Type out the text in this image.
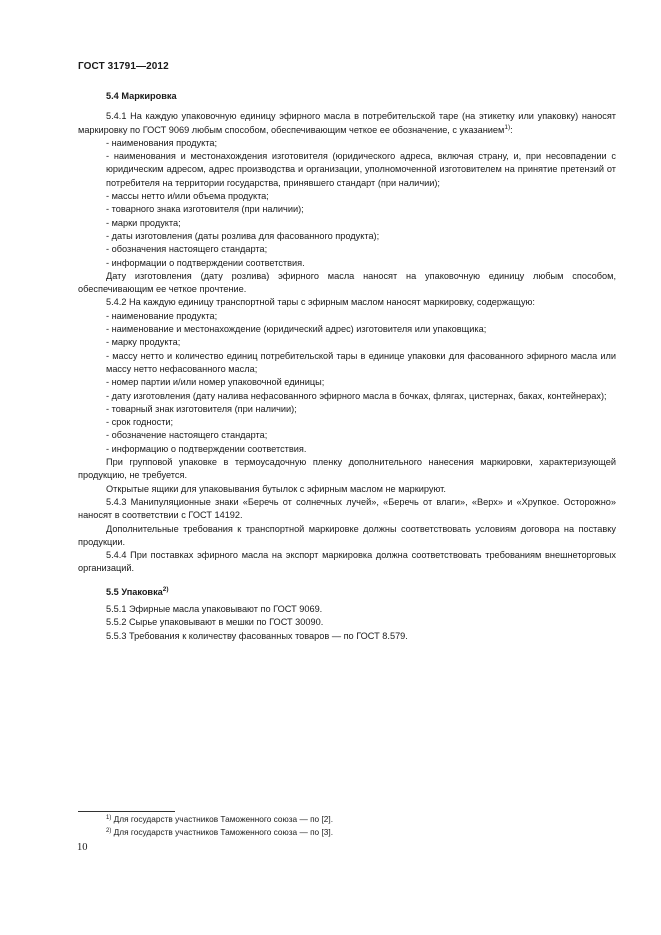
ГОСТ 31791—2012

5.4 Маркировка

5.4.1 На каждую упаковочную единицу эфирного масла в потребительской таре (на этикетку или упаковку) наносят маркировку по ГОСТ 9069 любым способом, обеспечивающим четкое ее обозначение, с указанием$^{1)}$:

- наименования продукта;

- наименования и местонахождения изготовителя (юридического адреса, включая страну, и, при несовпадении с юридическим адресом, адрес производства и организации, уполномоченной изготовителем на принятие претензий от потребителя на территории государства, принявшего стандарт (при наличии);

- массы нетто и/или объема продукта;

- товарного знака изготовителя (при наличии);

- марки продукта;

- даты изготовления (даты розлива для фасованного продукта);

- обозначения настоящего стандарта;

- информации о подтверждении соответствия.

Дату изготовления (дату розлива) эфирного масла наносят на упаковочную единицу любым способом, обеспечивающим ее четкое прочтение.

5.4.2 На каждую единицу транспортной тары с эфирным маслом наносят маркировку, содержащую:

- наименование продукта;

- наименование и местонахождение (юридический адрес) изготовителя или упаковщика;

- марку продукта;

- массу нетто и количество единиц потребительской тары в единице упаковки для фасованного эфирного масла или массу нетто нефасованного масла;

- номер партии и/или номер упаковочной единицы;

- дату изготовления (дату налива нефасованного эфирного масла в бочках, флягах, цистернах, баках, контейнерах);

- товарный знак изготовителя (при наличии);

- срок годности;

- обозначение настоящего стандарта;

- информацию о подтверждении соответствия.

При групповой упаковке в термоусадочную пленку дополнительного нанесения маркировки, характеризующей продукцию, не требуется.

Открытые ящики для упаковывания бутылок с эфирным маслом не маркируют.

5.4.3 Манипуляционные знаки «Беречь от солнечных лучей», «Беречь от влаги», «Верх» и «Хрупкое. Осторожно» наносят в соответствии с ГОСТ 14192.

Дополнительные требования к транспортной маркировке должны соответствовать условиям договора на поставку продукции.

5.4.4 При поставках эфирного масла на экспорт маркировка должна соответствовать требованиям внешнеторговых организаций.

5.5 Упаковка$^{2)}$

5.5.1 Эфирные масла упаковывают по ГОСТ 9069.

5.5.2 Сырье упаковывают в мешки по ГОСТ 30090.

5.5.3 Требования к количеству фасованных товаров — по ГОСТ 8.579.

$^{1)}$ Для государств участников Таможенного союза — по [2].

$^{2)}$ Для государств участников Таможенного союза — по [3].

10
